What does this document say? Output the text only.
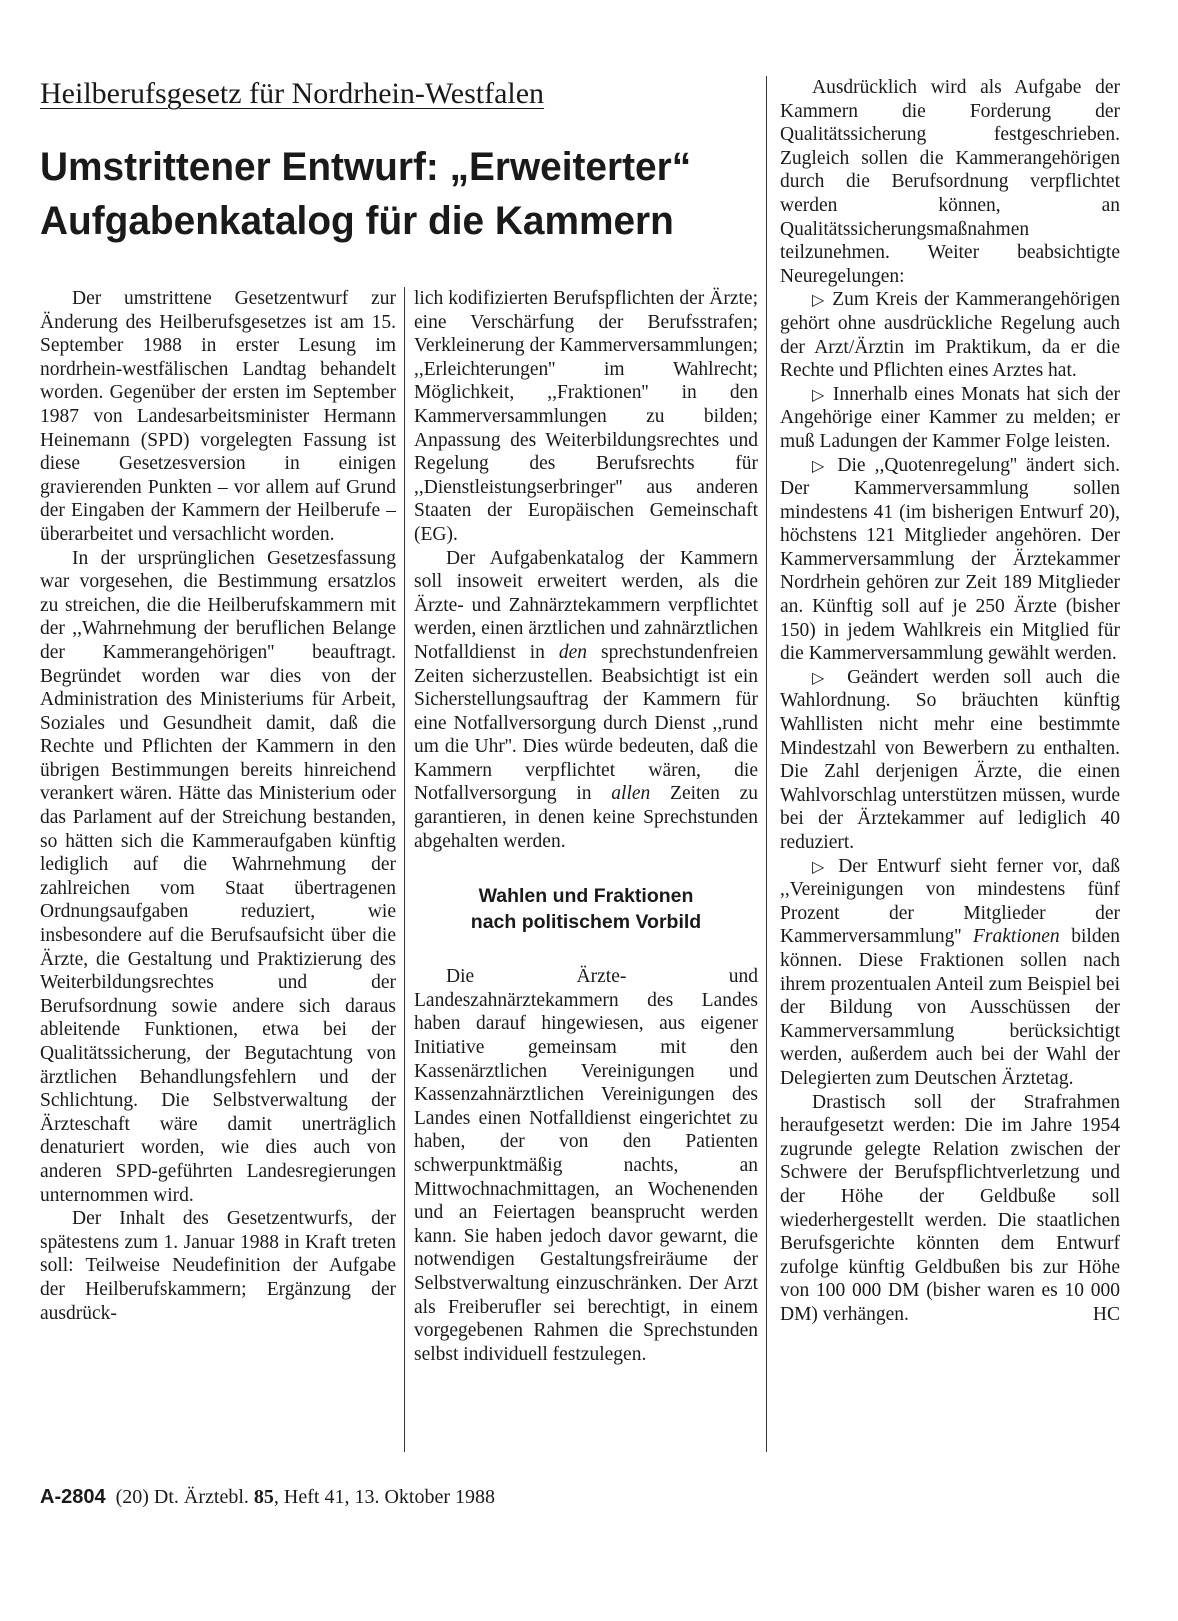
Heilberufsgesetz für Nordrhein-Westfalen
Umstrittener Entwurf: „Erweiterter“
Aufgabenkatalog für die Kammern

Der umstrittene Gesetzentwurf zur Änderung des Heilberufsgesetzes ist am 15. September 1988 in erster Lesung im nordrhein-westfälischen Landtag behandelt worden. Gegenüber der ersten im September 1987 von Landesarbeitsminister Hermann Heinemann (SPD) vorgelegten Fassung ist diese Gesetzesversion in einigen gravierenden Punkten – vor allem auf Grund der Eingaben der Kammern der Heilberufe – überarbeitet und versachlicht worden.

In der ursprünglichen Gesetzesfassung war vorgesehen, die Bestimmung ersatzlos zu streichen, die die Heilberufskammern mit der ,,Wahrnehmung der beruflichen Belange der Kammerangehörigen'' beauftragt. Begründet worden war dies von der Administration des Ministeriums für Arbeit, Soziales und Gesundheit damit, daß die Rechte und Pflichten der Kammern in den übrigen Bestimmungen bereits hinreichend verankert wären. Hätte das Ministerium oder das Parlament auf der Streichung bestanden, so hätten sich die Kammeraufgaben künftig lediglich auf die Wahrnehmung der zahlreichen vom Staat übertragenen Ordnungsaufgaben reduziert, wie insbesondere auf die Berufsaufsicht über die Ärzte, die Gestaltung und Praktizierung des Weiterbildungsrechtes und der Berufsordnung sowie andere sich daraus ableitende Funktionen, etwa bei der Qualitätssicherung, der Begutachtung von ärztlichen Behandlungsfehlern und der Schlichtung. Die Selbstverwaltung der Ärzteschaft wäre damit unerträglich denaturiert worden, wie dies auch von anderen SPD-geführten Landesregierungen unternommen wird.

Der Inhalt des Gesetzentwurfs, der spätestens zum 1. Januar 1988 in Kraft treten soll: Teilweise Neudefinition der Aufgabe der Heilberufskammern; Ergänzung der ausdrück-

lich kodifizierten Berufspflichten der Ärzte; eine Verschärfung der Berufsstrafen; Verkleinerung der Kammerversammlungen; ,,Erleichterungen'' im Wahlrecht; Möglichkeit, ,,Fraktionen'' in den Kammerversammlungen zu bilden; Anpassung des Weiterbildungsrechtes und Regelung des Berufsrechts für ,,Dienstleistungserbringer'' aus anderen Staaten der Europäischen Gemeinschaft (EG).

Der Aufgabenkatalog der Kammern soll insoweit erweitert werden, als die Ärzte- und Zahnärztekammern verpflichtet werden, einen ärztlichen und zahnärztlichen Notfalldienst in den sprechstundenfreien Zeiten sicherzustellen. Beabsichtigt ist ein Sicherstellungsauftrag der Kammern für eine Notfallversorgung durch Dienst ,,rund um die Uhr''. Dies würde bedeuten, daß die Kammern verpflichtet wären, die Notfallversorgung in allen Zeiten zu garantieren, in denen keine Sprechstunden abgehalten werden.

Wahlen und Fraktionen
nach politischem Vorbild

Die Ärzte- und Landeszahnärztekammern des Landes haben darauf hingewiesen, aus eigener Initiative gemeinsam mit den Kassenärztlichen Vereinigungen und Kassenzahnärztlichen Vereinigungen des Landes einen Notfalldienst eingerichtet zu haben, der von den Patienten schwerpunktmäßig nachts, an Mittwochnachmittagen, an Wochenenden und an Feiertagen beansprucht werden kann. Sie haben jedoch davor gewarnt, die notwendigen Gestaltungsfreiräume der Selbstverwaltung einzuschränken. Der Arzt als Freiberufler sei berechtigt, in einem vorgegebenen Rahmen die Sprechstunden selbst individuell festzulegen.

Ausdrücklich wird als Aufgabe der Kammern die Forderung der Qualitätssicherung festgeschrieben. Zugleich sollen die Kammerangehörigen durch die Berufsordnung verpflichtet werden können, an Qualitätssicherungsmaßnahmen teilzunehmen. Weiter beabsichtigte Neuregelungen:

▷ Zum Kreis der Kammerangehörigen gehört ohne ausdrückliche Regelung auch der Arzt/Ärztin im Praktikum, da er die Rechte und Pflichten eines Arztes hat.

▷ Innerhalb eines Monats hat sich der Angehörige einer Kammer zu melden; er muß Ladungen der Kammer Folge leisten.

▷ Die ,,Quotenregelung'' ändert sich. Der Kammerversammlung sollen mindestens 41 (im bisherigen Entwurf 20), höchstens 121 Mitglieder angehören. Der Kammerversammlung der Ärztekammer Nordrhein gehören zur Zeit 189 Mitglieder an. Künftig soll auf je 250 Ärzte (bisher 150) in jedem Wahlkreis ein Mitglied für die Kammerversammlung gewählt werden.

▷ Geändert werden soll auch die Wahlordnung. So bräuchten künftig Wahllisten nicht mehr eine bestimmte Mindestzahl von Bewerbern zu enthalten. Die Zahl derjenigen Ärzte, die einen Wahlvorschlag unterstützen müssen, wurde bei der Ärztekammer auf lediglich 40 reduziert.

▷ Der Entwurf sieht ferner vor, daß ,,Vereinigungen von mindestens fünf Prozent der Mitglieder der Kammerversammlung'' Fraktionen bilden können. Diese Fraktionen sollen nach ihrem prozentualen Anteil zum Beispiel bei der Bildung von Ausschüssen der Kammerversammlung berücksichtigt werden, außerdem auch bei der Wahl der Delegierten zum Deutschen Ärztetag.

Drastisch soll der Strafrahmen heraufgesetzt werden: Die im Jahre 1954 zugrunde gelegte Relation zwischen der Schwere der Berufspflichtverletzung und der Höhe der Geldbuße soll wiederhergestellt werden. Die staatlichen Berufsgerichte könnten dem Entwurf zufolge künftig Geldbußen bis zur Höhe von 100 000 DM (bisher waren es 10 000 DM) verhängen.	HC

A-2804 (20) Dt. Ärztebl. 85, Heft 41, 13. Oktober 1988
